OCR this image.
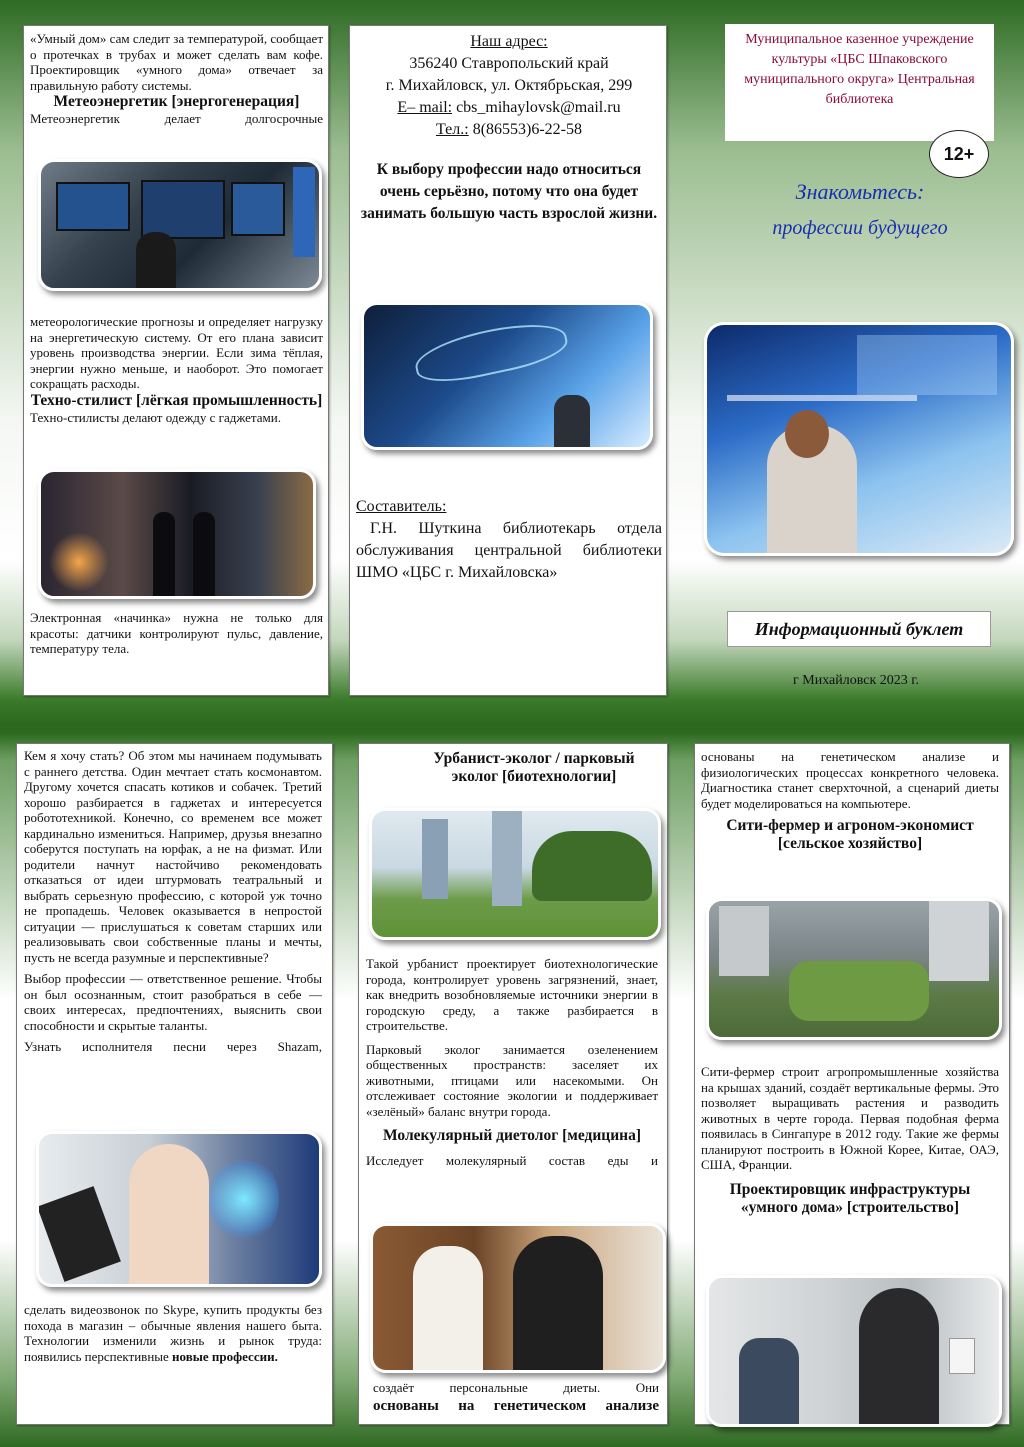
«Умный дом» сам следит за температурой, сообщает о протечках в трубах и может сделать вам кофе. Проектировщик «умного дома» отвечает за правильную работу системы.

Метеоэнергетик [энергогенерация]

Метеоэнергетик делает долгосрочные

метеорологические прогнозы и определяет нагрузку на энергетическую систему. От его плана зависит уровень производства энергии. Если зима тёплая, энергии нужно меньше, и наоборот. Это помогает сокращать расходы.

Техно-стилист [лёгкая промышленность]

Техно-стилисты делают одежду с гаджетами.

Электронная «начинка» нужна не только для красоты: датчики контролируют пульс, давление, температуру тела.

Наш адрес:
356240 Ставропольский край
г. Михайловск, ул. Октябрьская, 299
E– mail: cbs_mihaylovsk@mail.ru
Тел.: 8(86553)6-22-58
К выбору профессии надо относиться очень серьёзно, потому что она будет занимать большую часть взрослой жизни.
Составитель:
Г.Н. Шуткина библиотекарь отдела обслуживания центральной библиотеки ШМО «ЦБС г. Михайловска»
Муниципальное казенное учреждение культуры «ЦБС Шпаковского муниципального округа» Центральная библиотека
12+
Знакомьтесь:
профессии будущего
Информационный буклет
г Михайловск 2023 г.

Кем я хочу стать? Об этом мы начинаем подумывать с раннего детства. Один мечтает стать космонавтом. Другому хочется спасать котиков и собачек. Третий хорошо разбирается в гаджетах и интересуется робототехникой. Конечно, со временем все может кардинально измениться. Например, друзья внезапно соберутся поступать на юрфак, а не на физмат. Или родители начнут настойчиво рекомендовать отказаться от идеи штурмовать театральный и выбрать серьезную профессию, с которой уж точно не пропадешь. Человек оказывается в непростой ситуации — прислушаться к советам старших или реализовывать свои собственные планы и мечты, пусть не всегда разумные и перспективные?

Выбор профессии — ответственное решение. Чтобы он был осознанным, стоит разобраться в себе — своих интересах, предпочтениях, выяснить свои способности и скрытые таланты.

Узнать исполнителя песни через Shazam,

сделать видеозвонок по Skype, купить продукты без похода в магазин – обычные явления нашего быта. Технологии изменили жизнь и рынок труда: появились перспективные новые профессии.

Урбанист-эколог / парковый эколог [биотехнологии]

Такой урбанист проектирует биотехнологические города, контролирует уровень загрязнений, знает, как внедрить возобновляемые источники энергии в городскую среду, а также разбирается в строительстве.

Парковый эколог занимается озеленением общественных пространств: заселяет их животными, птицами или насекомыми. Он отслеживает состояние экологии и поддерживает «зелёный» баланс внутри города.

Молекулярный диетолог [медицина]

Исследует молекулярный состав еды и

создаёт персональные диеты. Они

основаны на генетическом анализе

основаны на генетическом анализе и физиологических процессах конкретного человека. Диагностика станет сверхточной, а сценарий диеты будет моделироваться на компьютере.

Сити-фермер и агроном-экономист [сельское хозяйство]

Сити-фермер строит агропромышленные хозяйства на крышах зданий, создаёт вертикальные фермы. Это позволяет выращивать растения и разводить животных в черте города. Первая подобная ферма появилась в Сингапуре в 2012 году. Такие же фермы планируют построить в Южной Корее, Китае, ОАЭ, США, Франции.

Проектировщик инфраструктуры «умного дома» [строительство]
